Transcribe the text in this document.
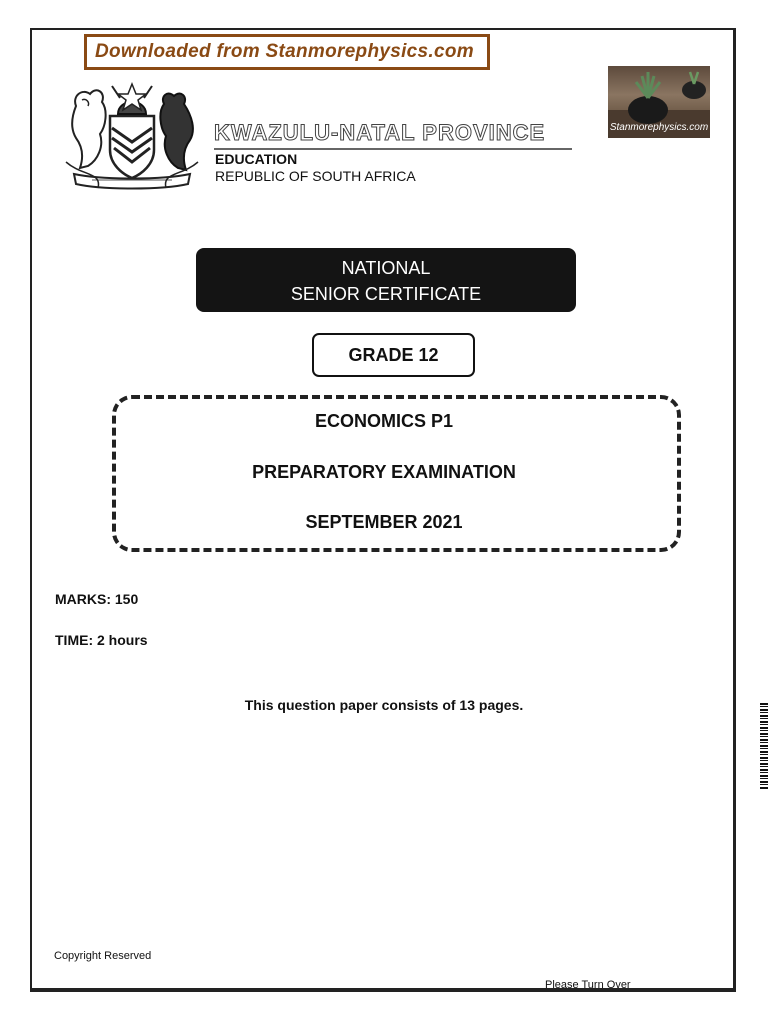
Downloaded from Stanmorephysics.com
Stanmorephysics.com
KWAZULU-NATAL PROVINCE
EDUCATION
REPUBLIC OF SOUTH AFRICA
NATIONAL
SENIOR CERTIFICATE
GRADE 12
ECONOMICS P1
PREPARATORY EXAMINATION
SEPTEMBER 2021
MARKS: 150
TIME: 2 hours
This question paper consists of 13 pages.
Copyright Reserved
Please Turn Over
